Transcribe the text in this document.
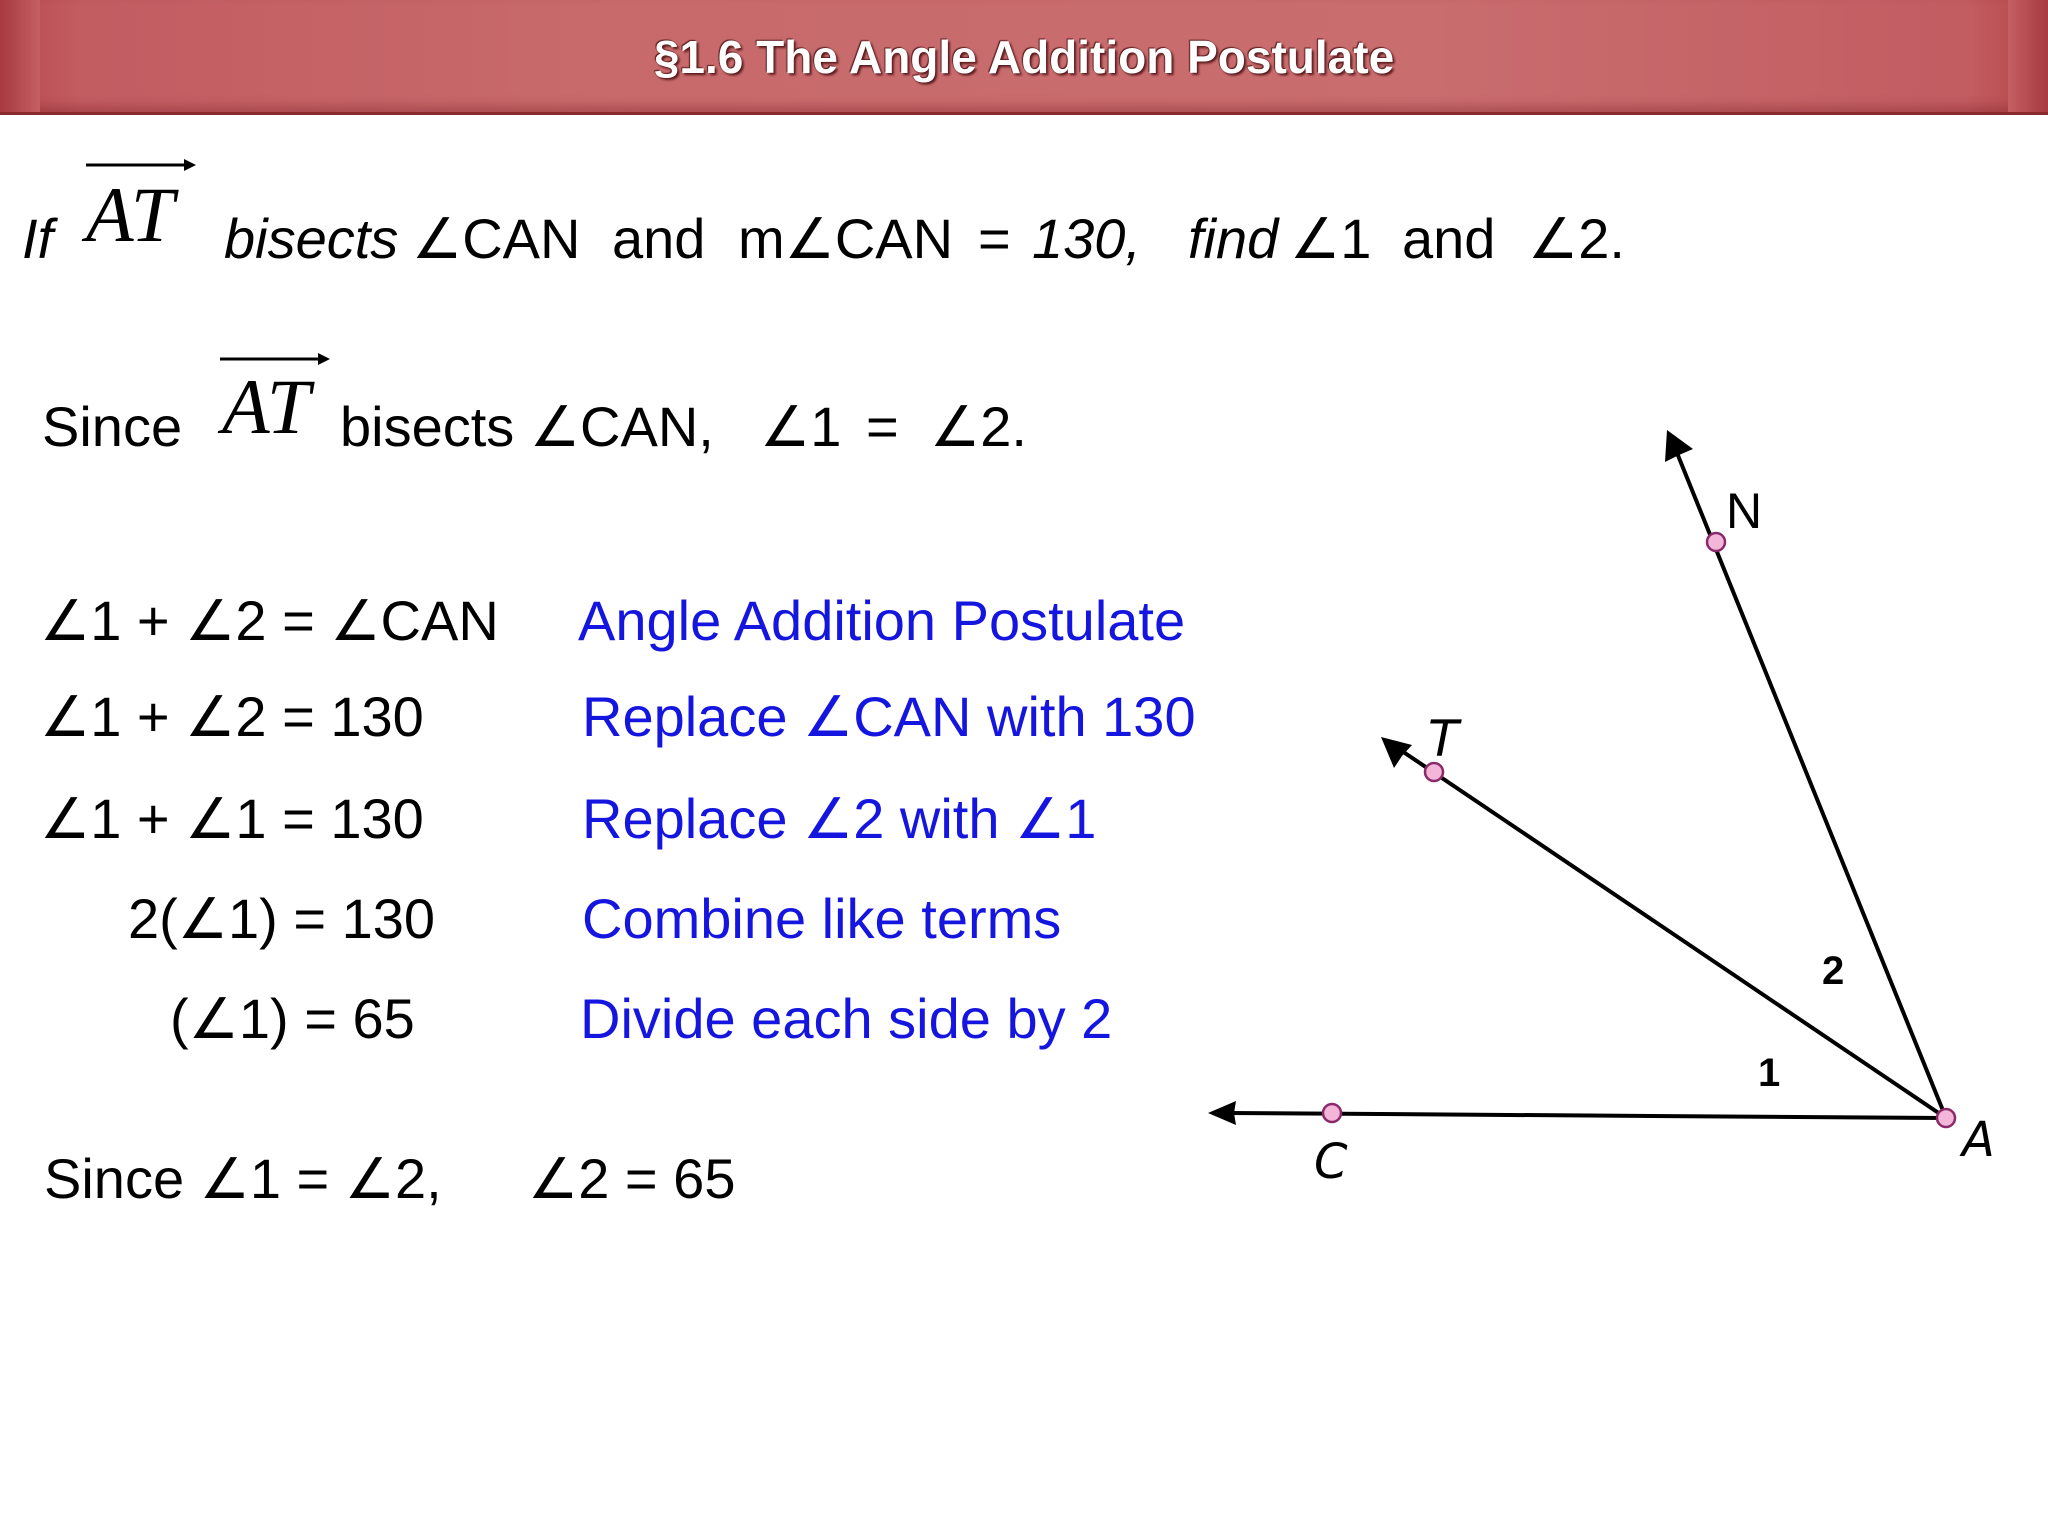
§1.6 The Angle Addition Postulate
If AT bisects ∠CAN and m∠CAN = 130, find ∠1 and ∠2.
Since AT bisects ∠CAN, ∠1 = ∠2.
∠1 + ∠2 = ∠CAN Angle Addition Postulate
∠1 + ∠2 = 130	Replace ∠CAN with 130
∠1 + ∠1 = 130	Replace ∠2 with ∠1
2(∠1) = 130	Combine like terms
(∠1) = 65	Divide each side by 2
Since ∠1 = ∠2, ∠2 = 65
N
T
A
C
2
1
